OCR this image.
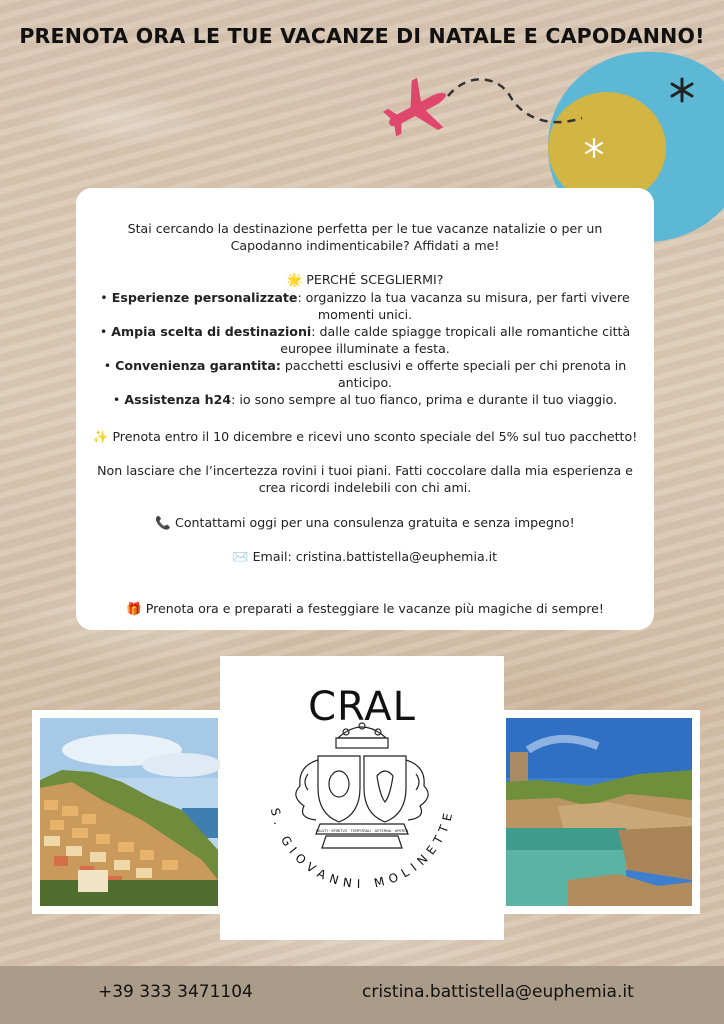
PRENOTA ORA LE TUE VACANZE DI NATALE E CAPODANNO!
Stai cercando la destinazione perfetta per le tue vacanze natalizie o per un Capodanno indimenticabile? Affidati a me!
🌟 PERCHÉ SCEGLIERMI?
• Esperienze personalizzate: organizzo la tua vacanza su misura, per farti vivere momenti unici.
• Ampia scelta di destinazioni: dalle calde spiagge tropicali alle romantiche città europee illuminate a festa.
• Convenienza garantita: pacchetti esclusivi e offerte speciali per chi prenota in anticipo.
• Assistenza h24: io sono sempre al tuo fianco, prima e durante il tuo viaggio.
✨ Prenota entro il 10 dicembre e ricevi uno sconto speciale del 5% sul tuo pacchetto!
Non lasciare che l’incertezza rovini i tuoi piani. Fatti coccolare dalla mia esperienza e crea ricordi indelebili con chi ami.
📞 Contattami oggi per una consulenza gratuita e senza impegno!
✉️ Email: cristina.battistella@euphemia.it
🎁 Prenota ora e preparati a festeggiare le vacanze più magiche di sempre!
CRAL
SALVTI · SPIRITVS · TEMPORALI · AETERNA · APERTA
S. GIOVANNI MOLINETTE
+39 333 3471104	cristina.battistella@euphemia.it
